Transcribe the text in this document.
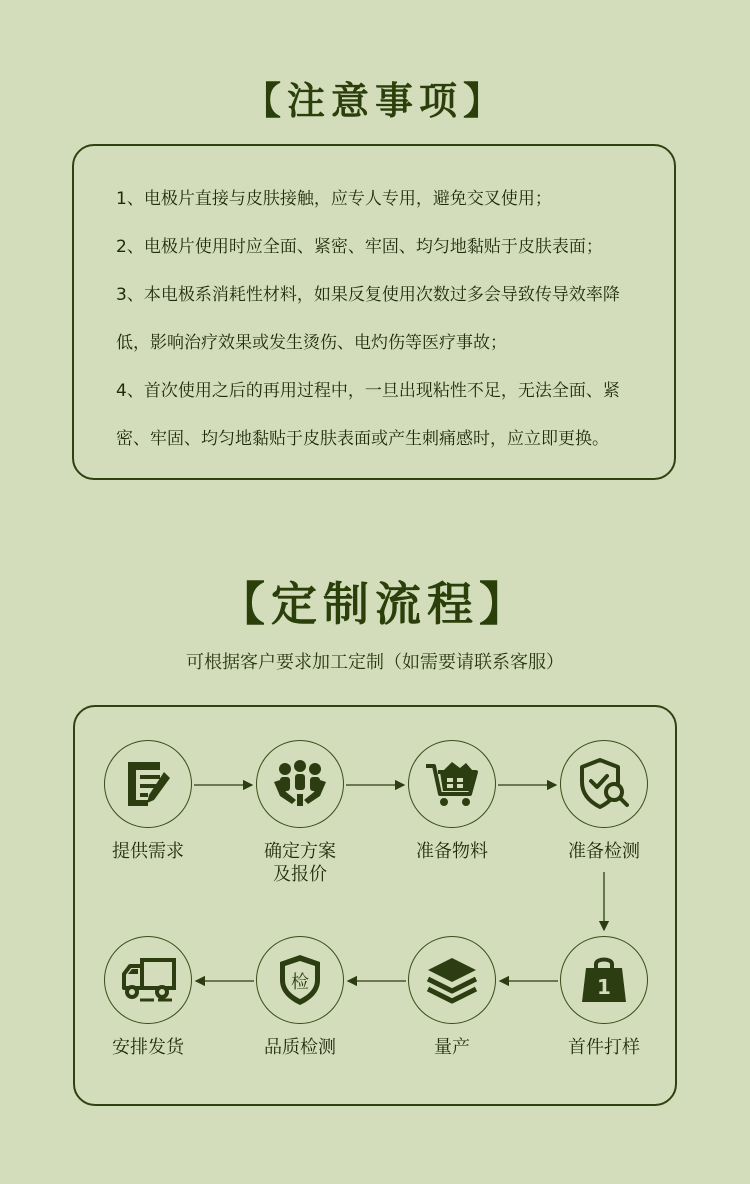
【注意事项】
1、电极片直接与皮肤接触，应专人专用，避免交叉使用；
2、电极片使用时应全面、紧密、牢固、均匀地黏贴于皮肤表面；
3、本电极系消耗性材料，如果反复使用次数过多会导致传导效率降
低，影响治疗效果或发生烫伤、电灼伤等医疗事故；
4、首次使用之后的再用过程中，一旦出现粘性不足，无法全面、紧
密、牢固、均匀地黏贴于皮肤表面或产生刺痛感时，应立即更换。
【定制流程】
可根据客户要求加工定制（如需要请联系客服）
提供需求	确定方案
及报价
准备物料	准备检测
1
首件打样
量产
检
品质检测
安排发货
